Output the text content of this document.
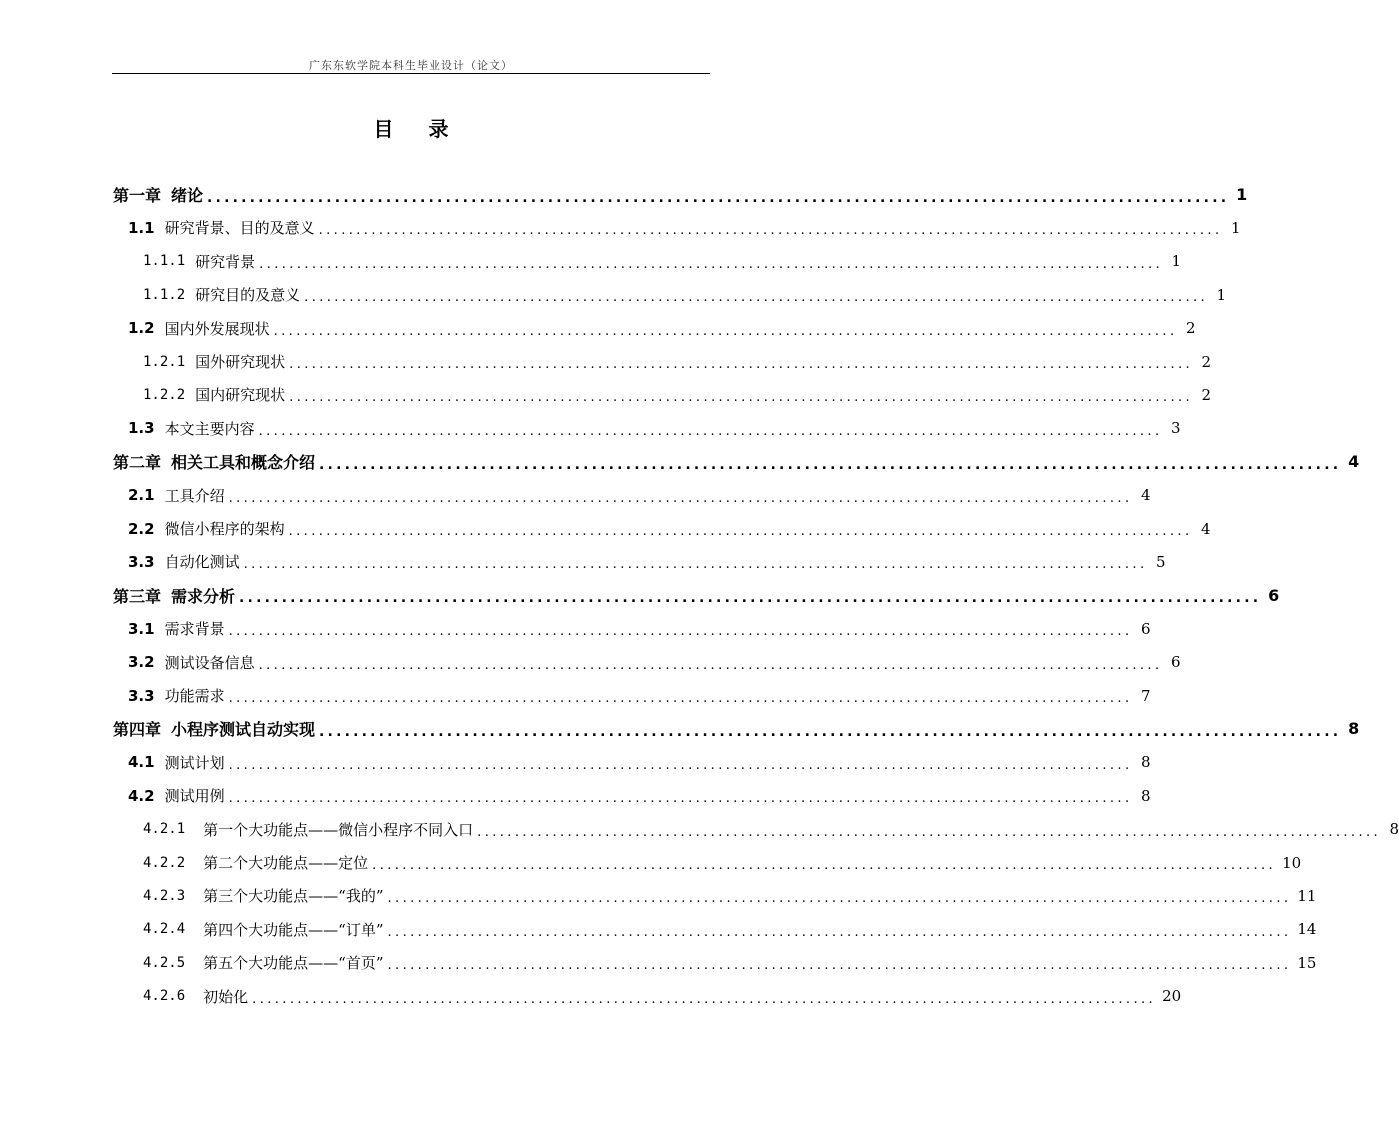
广东东软学院本科生毕业设计（论文）
目 录
第一章 绪论 ........................................................................................................................ 1
1.1 研究背景、目的及意义 ........................................................................................................................ 1
1.1.1 研究背景 ........................................................................................................................ 1
1.1.2 研究目的及意义 ........................................................................................................................ 1
1.2 国内外发展现状 ........................................................................................................................ 2
1.2.1 国外研究现状 ........................................................................................................................ 2
1.2.2 国内研究现状 ........................................................................................................................ 2
1.3 本文主要内容 ........................................................................................................................ 3
第二章 相关工具和概念介绍 ........................................................................................................................ 4
2.1 工具介绍 ........................................................................................................................ 4
2.2 微信小程序的架构 ........................................................................................................................ 4
3.3 自动化测试 ........................................................................................................................ 5
第三章 需求分析 ........................................................................................................................ 6
3.1 需求背景 ........................................................................................................................ 6
3.2 测试设备信息 ........................................................................................................................ 6
3.3 功能需求 ........................................................................................................................ 7
第四章 小程序测试自动实现 ........................................................................................................................ 8
4.1 测试计划 ........................................................................................................................ 8
4.2 测试用例 ........................................................................................................................ 8
4.2.1 第一个大功能点——微信小程序不同入口 ........................................................................................................................ 8
4.2.2 第二个大功能点——定位 ........................................................................................................................ 10
4.2.3 第三个大功能点——“我的” ........................................................................................................................ 11
4.2.4 第四个大功能点——“订单” ........................................................................................................................ 14
4.2.5 第五个大功能点——“首页” ........................................................................................................................ 15
4.2.6 初始化 ........................................................................................................................ 20
